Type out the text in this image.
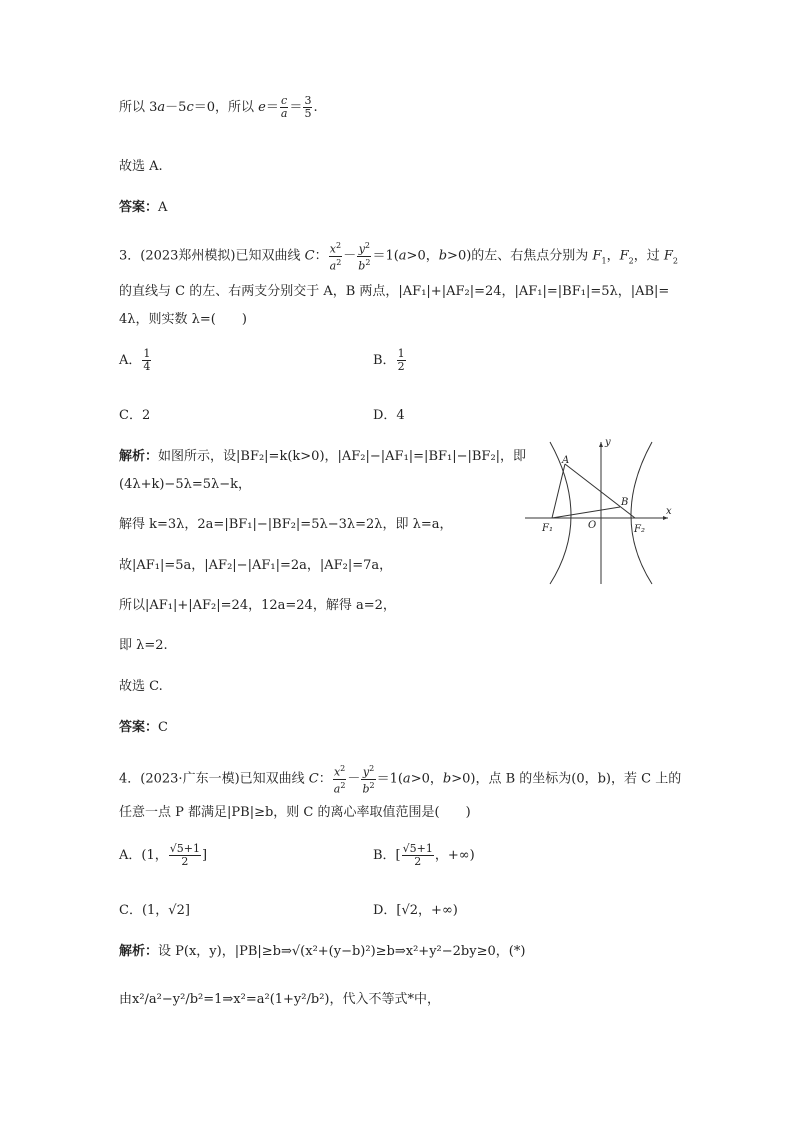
所以 3a－5c＝0，所以 $e= \frac{c}{a} = \frac{3}{5}$ .
故选 A.
答案：A
3．(2023郑州模拟)已知双曲线 C： $\frac{x^2}{a^2} - \frac{y^2}{b^2} =1(a>0$，b>0)的左、右焦点分别为 $F_1$，$F_2$，过 $F_2$
的直线与 C 的左、右两支分别交于 A，B 两点，|AF₁|+|AF₂|=24，|AF₁|=|BF₁|=5λ，|AB|=
4λ，则实数 λ=(　　)
A． $\frac{1}{4}$	B． $\frac{1}{2}$
C．2	D．4
解析：如图所示，设|BF₂|=k(k>0)，|AF₂|−|AF₁|=|BF₁|−|BF₂|，即
(4λ+k)−5λ=5λ−k，
解得 k=3λ，2a=|BF₁|−|BF₂|=5λ−3λ=2λ，即 λ=a，
故|AF₁|=5a，|AF₂|−|AF₁|=2a，|AF₂|=7a，
所以|AF₁|+|AF₂|=24，12a=24，解得 a=2，
即 λ=2.
故选 C.
答案：C
y
x
A
B
O
F₁	F₂
4．(2023·广东一模)已知双曲线 C： $\frac{x^2}{a^2} - \frac{y^2}{b^2} =1(a>0$，b>0)，点 B 的坐标为(0，b)，若 C 上的
任意一点 P 都满足|PB|≥b，则 C 的离心率取值范围是(　　)
A．(1， $\frac{√5+1}{2}$ ]	B．[ $\frac{√5+1}{2}$ ，+∞)
C．(1，√2]	D．[√2，+∞)
解析：设 P(x，y)，|PB|≥b⇒√(x²+(y−b)²)≥b⇒x²+y²−2by≥0，(*)
由x²/a²−y²/b²=1⇒x²=a²(1+y²/b²)，代入不等式*中，
